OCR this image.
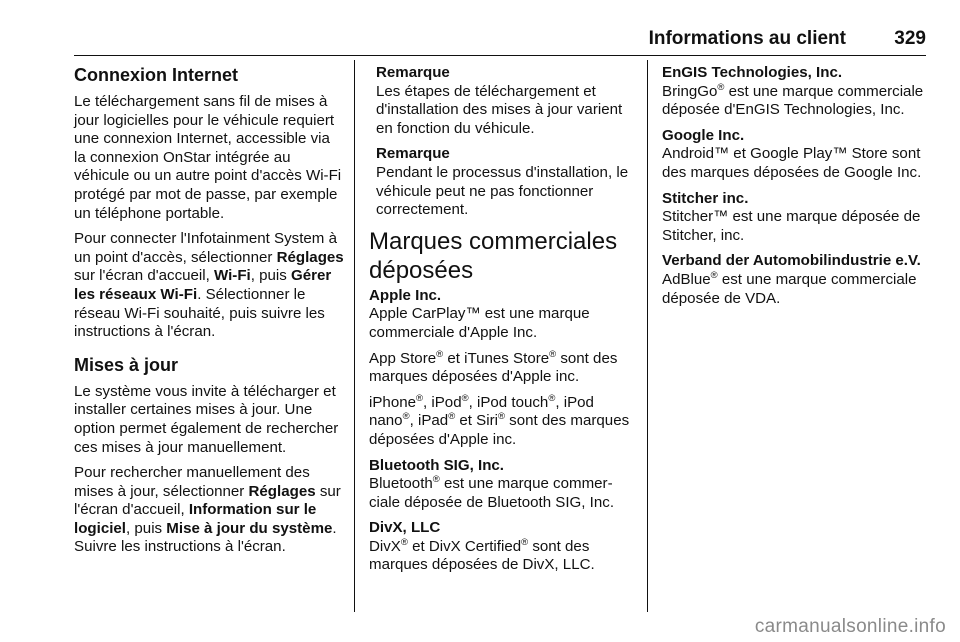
Informations au client	329
Connexion Internet

Le téléchargement sans fil de mises à jour logicielles pour le véhicule requiert une connexion Internet, accessible via la connexion OnStar intégrée au véhicule ou un autre point d'accès Wi-Fi protégé par mot de passe, par exemple un téléphone portable.

Pour connecter l'Infotainment System à un point d'accès, sélectionner Réglages sur l'écran d'accueil, Wi-Fi, puis Gérer les réseaux Wi-Fi. Sélectionner le réseau Wi-Fi souhaité, puis suivre les instructions à l'écran.

Mises à jour

Le système vous invite à télécharger et installer certaines mises à jour. Une option permet également de rechercher ces mises à jour manuellement.

Pour rechercher manuellement des mises à jour, sélectionner Réglages sur l'écran d'accueil, Information sur le logiciel, puis Mise à jour du système. Suivre les instructions à l'écran.

Remarque
Les étapes de téléchargement et d'installation des mises à jour varient en fonction du véhicule.
Remarque
Pendant le processus d'installation, le véhicule peut ne pas fonctionner correctement.
Marques commerciales déposées
Apple Inc.

Apple CarPlay™ est une marque commerciale d'Apple Inc.

App Store® et iTunes Store® sont des marques déposées d'Apple inc.

iPhone®, iPod®, iPod touch®, iPod nano®, iPad® et Siri® sont des marques déposées d'Apple inc.

Bluetooth SIG, Inc.

Bluetooth® est une marque commerciale déposée de Bluetooth SIG, Inc.

DivX, LLC

DivX® et DivX Certified® sont des marques déposées de DivX, LLC.

EnGIS Technologies, Inc.

BringGo® est une marque commerciale déposée d'EnGIS Technologies, Inc.

Google Inc.

Android™ et Google Play™ Store sont des marques déposées de Google Inc.

Stitcher inc.

Stitcher™ est une marque déposée de Stitcher, inc.

Verband der Automobilindustrie e.V.

AdBlue® est une marque commerciale déposée de VDA.

carmanualsonline.info
